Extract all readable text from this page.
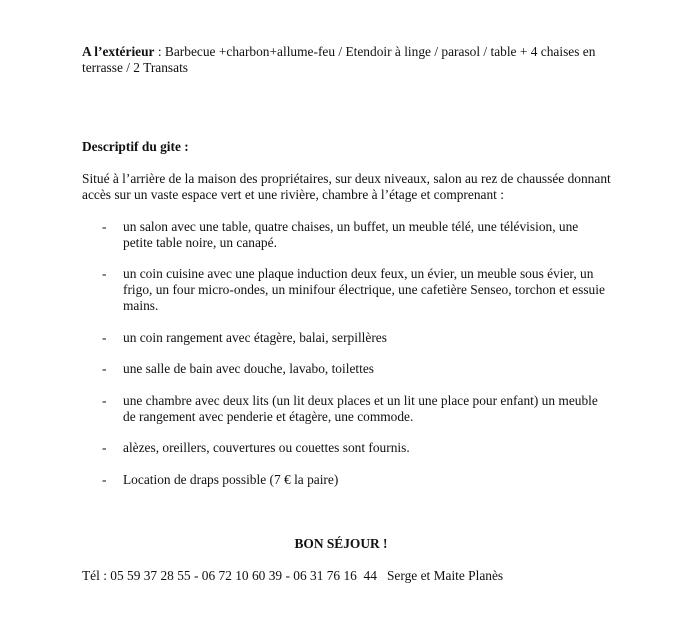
A l’extérieur : Barbecue +charbon+allume-feu / Etendoir à linge / parasol / table + 4 chaises en terrasse / 2 Transats
Descriptif du gite :
Situé à l’arrière de la maison des propriétaires, sur deux niveaux, salon au rez de chaussée donnant accès sur un vaste espace vert et une rivière, chambre à l’étage et comprenant :
- un salon avec une table, quatre chaises, un buffet, un meuble télé, une télévision, une petite table noire, un canapé.
- un coin cuisine avec une plaque induction deux feux, un évier, un meuble sous évier, un frigo, un four micro-ondes, un minifour électrique, une cafetière Senseo, torchon et essuie mains.
- un coin rangement avec étagère, balai, serpillères
- une salle de bain avec douche, lavabo, toilettes
- une chambre avec deux lits (un lit deux places et un lit une place pour enfant) un meuble de rangement avec penderie et étagère, une commode.
- alèzes, oreillers, couvertures ou couettes sont fournis.
- Location de draps possible (7 € la paire)
BON SÉJOUR !
Tél : 05 59 37 28 55 - 06 72 10 60 39 - 06 31 76 16  44   Serge et Maite Planès
